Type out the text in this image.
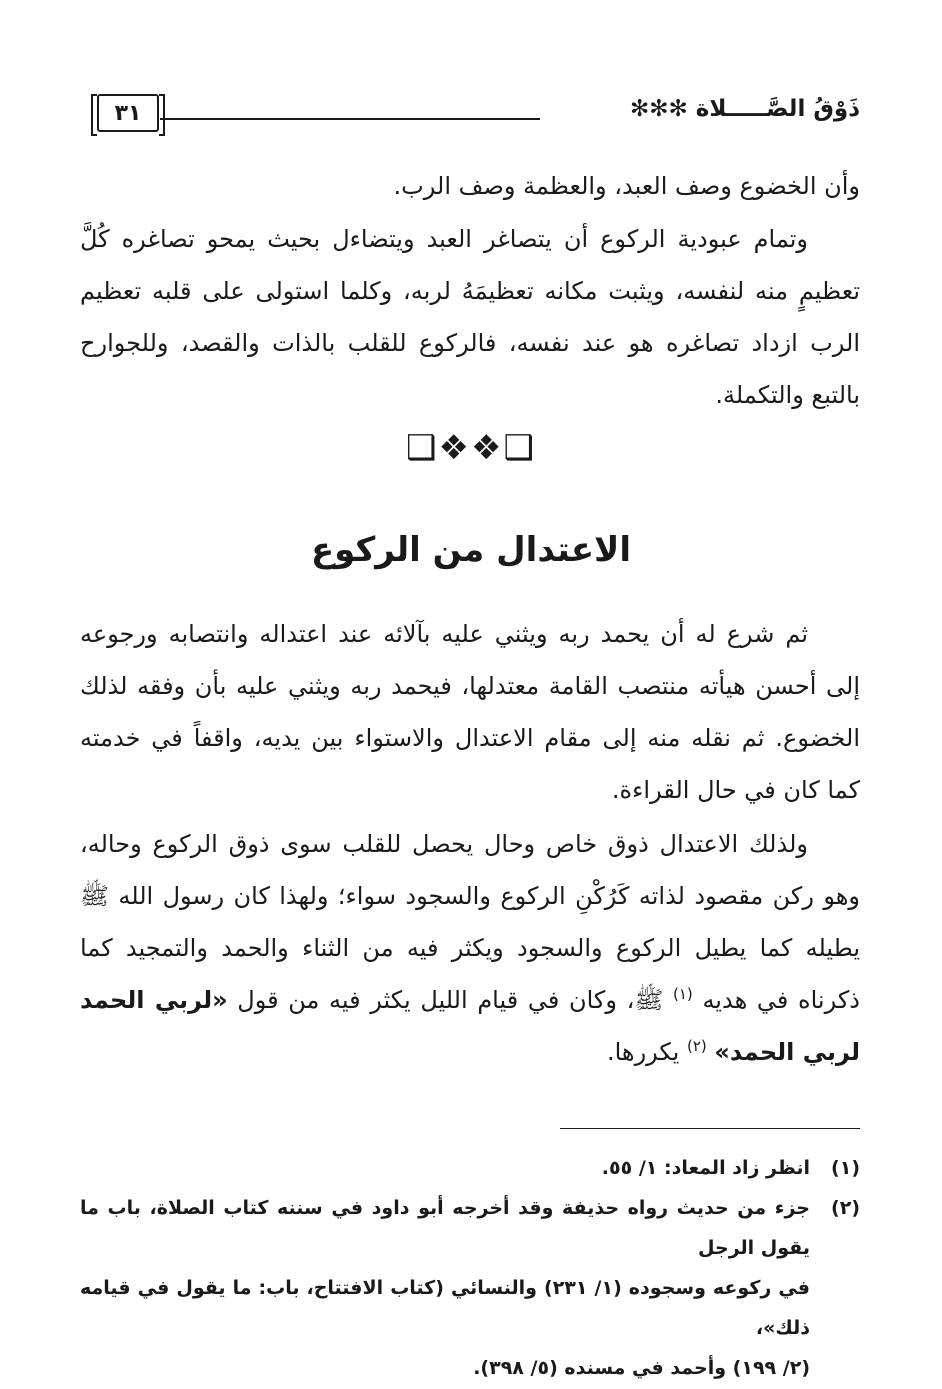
ذَوْقُ الصَّـــــلاة ✻✻✻
٣١

وأن الخضوع وصف العبد، والعظمة وصف الرب.

وتمام عبودية الركوع أن يتصاغر العبد ويتضاءل بحيث يمحو تصاغره كُلَّ تعظيمٍ منه لنفسه، ويثبت مكانه تعظيمَهُ لربه، وكلما استولى على قلبه تعظيم الرب ازداد تصاغره هو عند نفسه، فالركوع للقلب بالذات والقصد، وللجوارح بالتبع والتكملة.

❑❖❖❑
الاعتدال من الركوع

ثم شرع له أن يحمد ربه ويثني عليه بآلائه عند اعتداله وانتصابه ورجوعه إلى أحسن هيأته منتصب القامة معتدلها، فيحمد ربه ويثني عليه بأن وفقه لذلك الخضوع. ثم نقله منه إلى مقام الاعتدال والاستواء بين يديه، واقفاً في خدمته كما كان في حال القراءة.

ولذلك الاعتدال ذوق خاص وحال يحصل للقلب سوى ذوق الركوع وحاله، وهو ركن مقصود لذاته كَرُكْنِ الركوع والسجود سواء؛ ولهذا كان رسول الله ﷺ يطيله كما يطيل الركوع والسجود ويكثر فيه من الثناء والحمد والتمجيد كما ذكرناه في هديه $^{(١)}$ ﷺ، وكان في قيام الليل يكثر فيه من قول «لربي الحمد لربي الحمد» $^{(٢)}$ يكررها.

(١)
انظر زاد المعاد: ١/ ٥٥.
(٢)
جزء من حديث رواه حذيفة وقد أخرجه أبو داود في سننه كتاب الصلاة، باب ما يقول الرجل
في ركوعه وسجوده (١/ ٢٣١) والنسائي (كتاب الافتتاح، باب: ما يقول في قيامه ذلك»،
(٢/ ١٩٩) وأحمد في مسنده (٥/ ٣٩٨).
